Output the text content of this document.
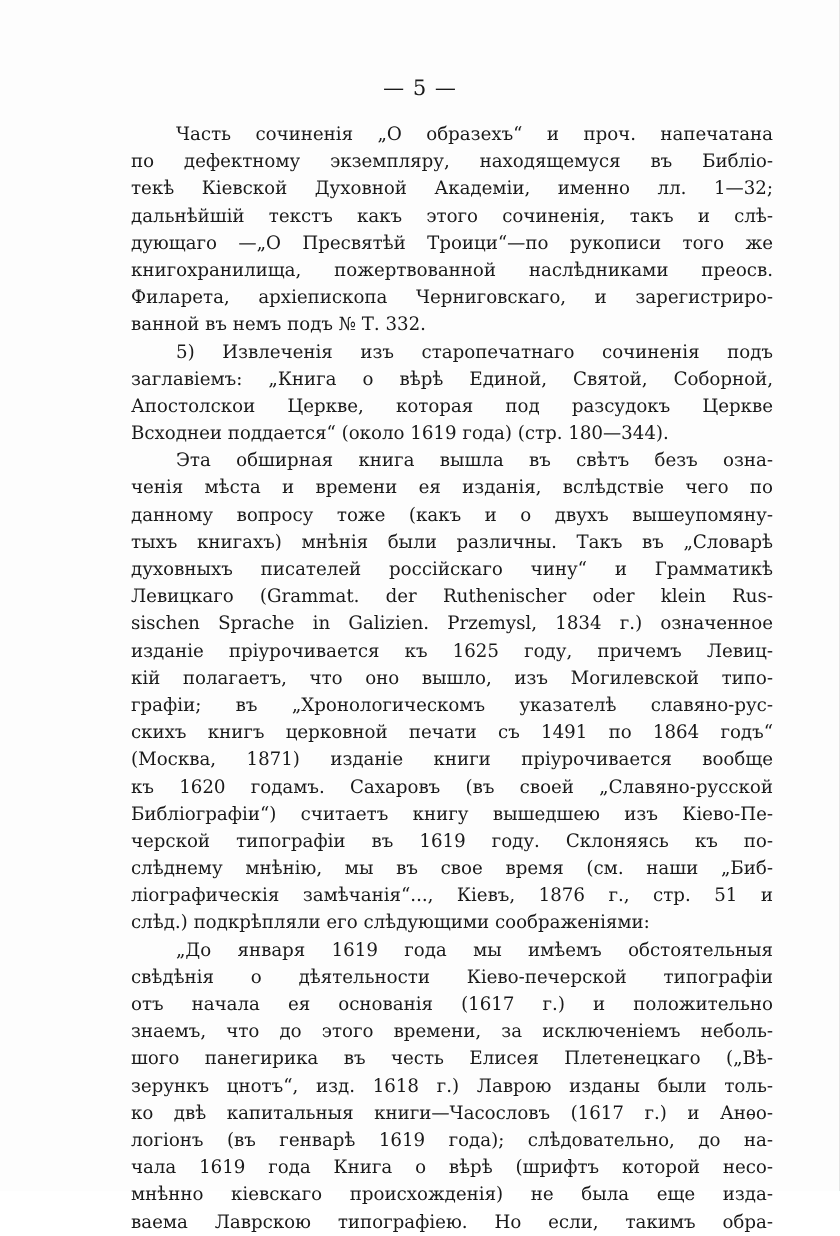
— 5 —
Часть сочиненія „О образехъ“ и проч. напечатана
по дефектному экземпляру, находящемуся въ Библіо-
текѣ Кіевской Духовной Академіи, именно лл. 1—32;
дальнѣйшій текстъ какъ этого сочиненія, такъ и слѣ-
дующаго —„О Пресвятѣй Троици“—по рукописи того же
книгохранилища, пожертвованной наслѣдниками преосв.
Филарета, архіепископа Черниговскаго, и зарегистриро-
ванной въ немъ подъ № Т. 332.
5) Извлеченія изъ старопечатнаго сочиненія подъ
заглавіемъ: „Книга о вѣрѣ Единой, Святой, Соборной,
Апостолскои Церкве, которая под разсудокъ Церкве
Всходнеи поддается“ (около 1619 года) (стр. 180—344).
Эта обширная книга вышла въ свѣтъ безъ озна-
ченія мѣста и времени ея изданія, вслѣдствіе чего по
данному вопросу тоже (какъ и о двухъ вышеупомяну-
тыхъ книгахъ) мнѣнія были различны. Такъ въ „Словарѣ
духовныхъ писателей россійскаго чину“ и Грамматикѣ
Левицкаго (Grammat. der Ruthenischer oder klein Rus-
sischen Sprache in Galizien. Przemysl, 1834 г.) означенное
изданіе пріурочивается къ 1625 году, причемъ Левиц-
кій полагаетъ, что оно вышло, изъ Могилевской типо-
графіи; въ „Хронологическомъ указателѣ славяно-рус-
скихъ книгъ церковной печати съ 1491 по 1864 годъ“
(Москва, 1871) изданіе книги пріурочивается вообще
къ 1620 годамъ. Сахаровъ (въ своей „Славяно-русской
Библіографіи“) считаетъ книгу вышедшею изъ Кіево-Пе-
черской типографіи въ 1619 году. Склоняясь къ по-
слѣднему мнѣнію, мы въ свое время (см. наши „Биб-
ліографическія замѣчанія“..., Кіевъ, 1876 г., стр. 51 и
слѣд.) подкрѣпляли его слѣдующими соображеніями:
„До января 1619 года мы имѣемъ обстоятельныя
свѣдѣнія о дѣятельности Кіево-печерской типографіи
отъ начала ея основанія (1617 г.) и положительно
знаемъ, что до этого времени, за исключеніемъ неболь-
шого панегирика въ честь Елисея Плетенецкаго („Вѣ-
зерункъ цнотъ“, изд. 1618 г.) Лаврою изданы были толь-
ко двѣ капитальныя книги—Часословъ (1617 г.) и Анѳо-
логіонъ (въ генварѣ 1619 года); слѣдовательно, до на-
чала 1619 года Книга о вѣрѣ (шрифтъ которой несо-
мнѣнно кіевскаго происхожденія) не была еще изда-
ваема Лаврскою типографіею. Но если, такимъ обра-
